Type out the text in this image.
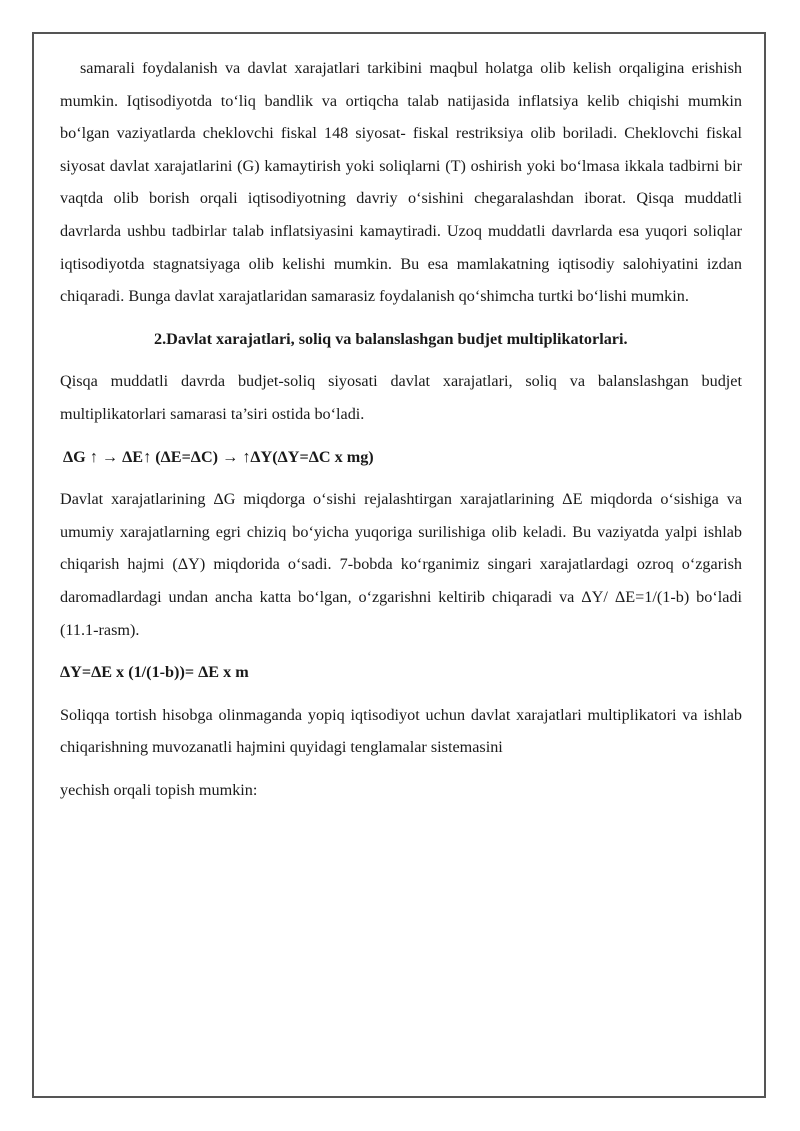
samarali foydalanish va davlat xarajatlari tarkibini maqbul holatga olib kelish orqaligina erishish mumkin. Iqtisodiyotda to‘liq bandlik va ortiqcha talab natijasida inflatsiya kelib chiqishi mumkin bo‘lgan vaziyatlarda cheklovchi fiskal 148 siyosat- fiskal restriksiya olib boriladi. Cheklovchi fiskal siyosat davlat xarajatlarini (G) kamaytirish yoki soliqlarni (T) oshirish yoki bo‘lmasa ikkala tadbirni bir vaqtda olib borish orqali iqtisodiyotning davriy o‘sishini chegaralashdan iborat. Qisqa muddatli davrlarda ushbu tadbirlar talab inflatsiyasini kamaytiradi. Uzoq muddatli davrlarda esa yuqori soliqlar iqtisodiyotda stagnatsiyaga olib kelishi mumkin. Bu esa mamlakatning iqtisodiy salohiyatini izdan chiqaradi. Bunga davlat xarajatlaridan samarasiz foydalanish qo‘shimcha turtki bo‘lishi mumkin.

2.Davlat xarajatlari, soliq va balanslashgan budjet multiplikatorlari.

Qisqa muddatli davrda budjet-soliq siyosati davlat xarajatlari, soliq va balanslashgan budjet multiplikatorlari samarasi ta’siri ostida bo‘ladi.

ΔG ↑ → ΔE↑ (ΔE=ΔC) → ↑ΔY(ΔY=ΔC x mg)

Davlat xarajatlarining ΔG miqdorga o‘sishi rejalashtirgan xarajatlarining ΔE miqdorda o‘sishiga va umumiy xarajatlarning egri chiziq bo‘yicha yuqoriga surilishiga olib keladi. Bu vaziyatda yalpi ishlab chiqarish hajmi (ΔY) miqdorida o‘sadi. 7-bobda ko‘rganimiz singari xarajatlardagi ozroq o‘zgarish daromadlardagi undan ancha katta bo‘lgan, o‘zgarishni keltirib chiqaradi va ΔY/ ΔE=1/(1-b) bo‘ladi (11.1-rasm).

ΔY=ΔE x (1/(1-b))= ΔE x m

Soliqqa tortish hisobga olinmaganda yopiq iqtisodiyot uchun davlat xarajatlari multiplikatori va ishlab chiqarishning muvozanatli hajmini quyidagi tenglamalar sistemasini

yechish orqali topish mumkin:
